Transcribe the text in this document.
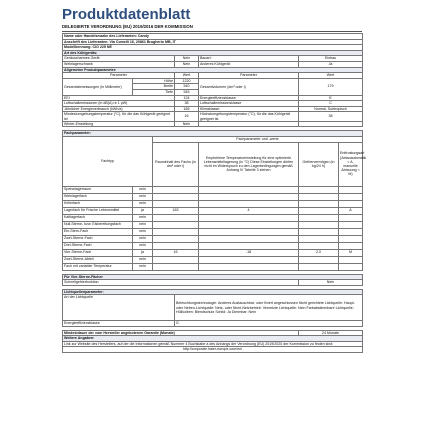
Produktdatenblatt
DELEGIERTE VERORDNUNG (EU) 2019/2016 DER KOMMISSION
Name oder Handelsmarke des Lieferanten: Candy						
Anschrift des Lieferanten: Via Comelli 16, 20861 Brugherio MB, IT						
Modellkennung: CIO 225 NE						
Art des Kühlgeräts:						
Geräuscharmes Gerät			Nein	Bauart:	Einbau	
Weinlagerschrank			Nein	Anderes Kühlgerät:	Ja	
Allgemeine Produktparameter:						
Parameter			Wert	Parameter	Wert	
Gesamtabmessungen (in Millimeter)	Höhe		1220	Gesamtvolumen (dm³ oder l)	179	
	Breite		540			
	Tiefe		545			
EEI			124	Energieeffizienzklasse	E	
Luftschallemissionen (in dB(A) re 1 pW)			38	Luftschallemissionsklasse	C	
Jährlicher Energieverbrauch (kWh/a)			165	Klimaklasse:	Normal, Subtropisch	
Mindestumgebungstemperatur (°C), für die das Kühlgerät geeignet ist			16	Höchstumgebungstemperatur (°C), für die das Kühlgerät geeignet ist	38	
Winter-Einstellung			Nein			

Fachparameter:						
Fachtyp		Fachparameter und -werte				
		Rauminhalt des Fachs (in dm³ oder l)		Empfohlene Temperatureinstellung für eine optimierte Lebensmittellagerung (in °C) Diese Einstellungen dürfen nicht im Widerspruch zu den Lagerbedingungen gemäß Anhang IV Tabelle 3 stehen	Gefriervermögen (in kg/24 h)	Entfrostungsart (Abtauautomatik = A, manuelle Abtauung = M)
Speiselagerraum	nein					
Weinlagerfach	nein					
Kellerfach	nein					
Lagerfach für Frische Lebensmittel	ja	163		4		A
Kaltlagerfach	nein					
Null-Sterne- bzw. Eisbereitungsfach	nein					
Ein-Stern-Fach	nein					
Zwei-Sterne-Fach	nein					
Drei-Sterne-Fach	nein					
Vier-Sterne-Fach	ja	16		-18	2,0	M
Zwei-Sterne-Abteil	nein					
Fach mit variabler Temperatur	nein					

Für Vier-Sterne-Fächer						
Schnellgefrierfunktion					Nein	

Lichtquellenparameter:						
Art der Lichtquelle			Beleuchtungstechnologie: Anderes Austauschbar: oder fixiert angeschlossen Nicht gerichtete Lichtquelle: Haupt- oder Neben-Lichtquelle: Netz- oder Nicht-Netzbetrieb: Vernetzte Lichtquelle: Nein Farbabstimmbare Lichtquelle: Hüllkolben: Blendschutz Schild: Ja Dimmbar: Nein			
Energieeffizienzklasse			G			

Mindestdauer der vom Hersteller angebotenen Garantie (Monate)					24 Monate	
Weitere Angaben:						
Link zur Website des Herstellers, auf der die Informationen gemäß Nummer 4 Buchstabe a des Anhangs der Verordnung (EU) 2019/2020 der Kommission zu finden sind:						
http://corporate.haier-europe.com/en/						
